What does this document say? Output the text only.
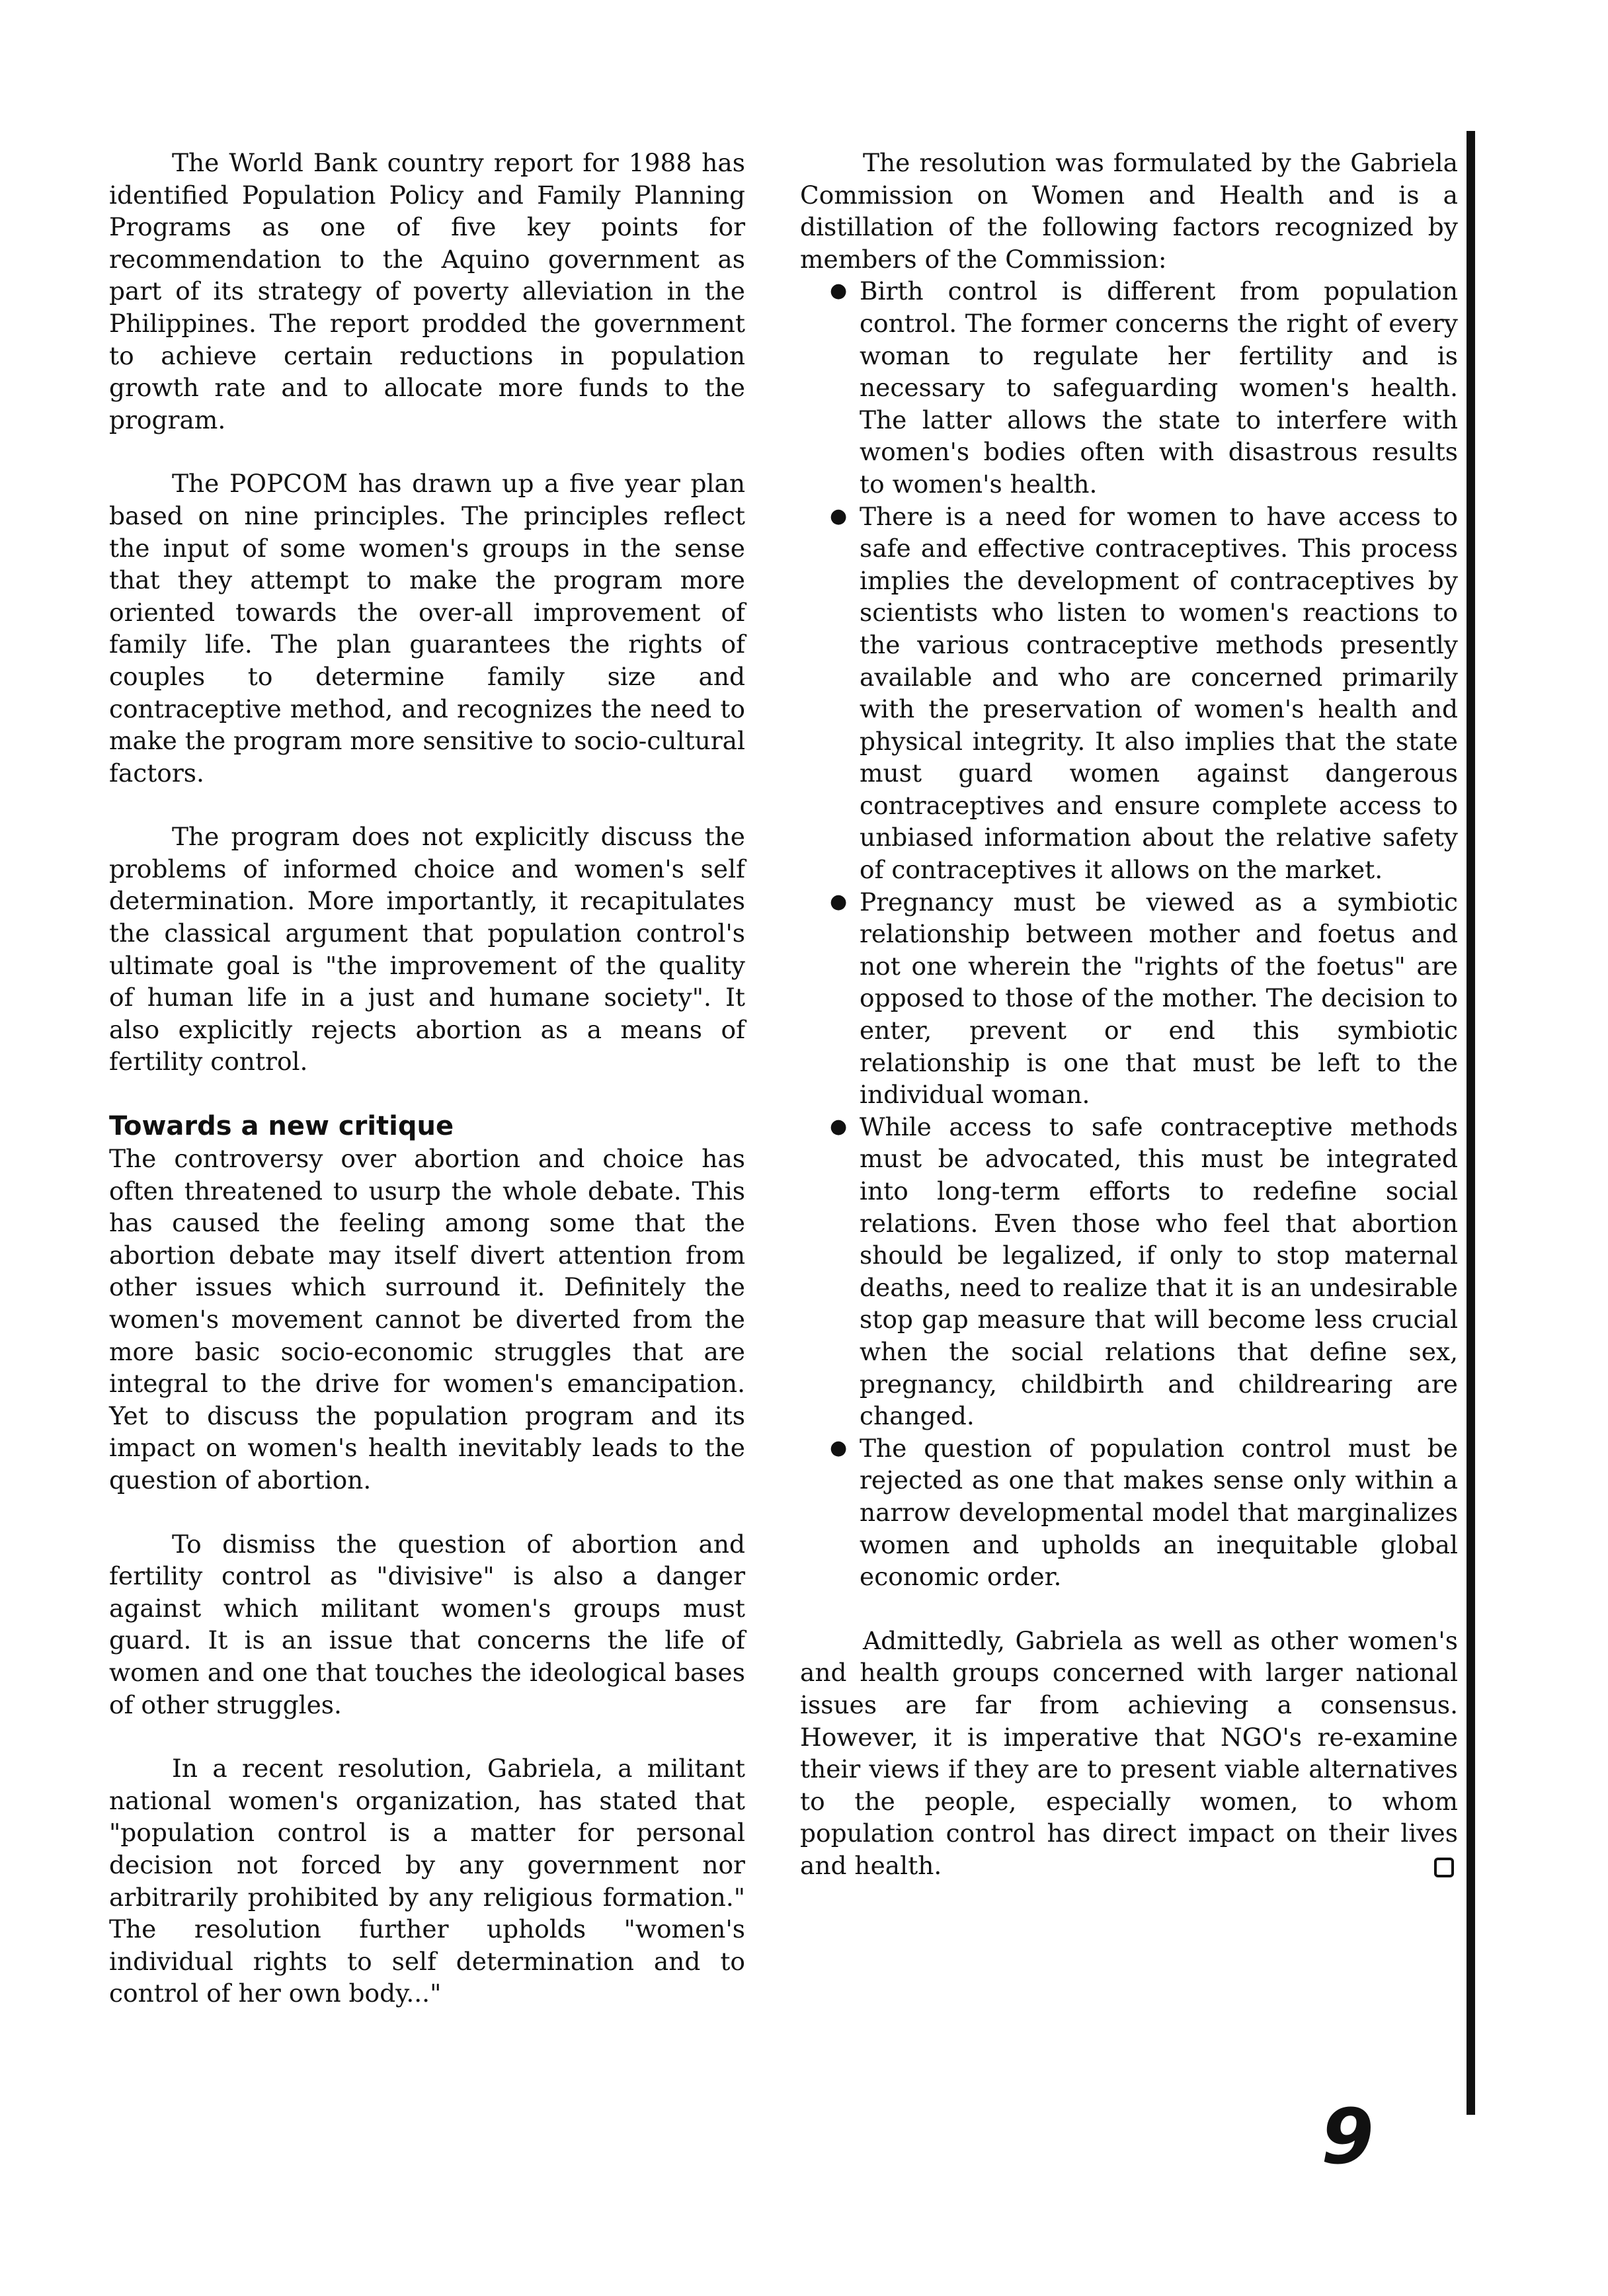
The World Bank country report for 1988 has identified Population Policy and Family Planning Programs as one of five key points for recommendation to the Aquino government as part of its strategy of poverty alleviation in the Philippines. The report prodded the government to achieve certain reductions in population growth rate and to allocate more funds to the program.

The POPCOM has drawn up a five year plan based on nine principles. The principles reflect the input of some women's groups in the sense that they attempt to make the program more oriented towards the over-all improvement of family life. The plan guarantees the rights of couples to determine family size and contraceptive method, and recognizes the need to make the program more sensitive to socio-cultural factors.

The program does not explicitly discuss the problems of informed choice and women's self determination. More importantly, it recapitulates the classical argument that population control's ultimate goal is "the improvement of the quality of human life in a just and humane society". It also explicitly rejects abortion as a means of fertility control.

Towards a new critique

The controversy over abortion and choice has often threatened to usurp the whole debate. This has caused the feeling among some that the abortion debate may itself divert attention from other issues which surround it. Definitely the women's movement cannot be diverted from the more basic socio-economic struggles that are integral to the drive for women's emancipation. Yet to discuss the population program and its impact on women's health inevitably leads to the question of abortion.

To dismiss the question of abortion and fertility control as "divisive" is also a danger against which militant women's groups must guard. It is an issue that concerns the life of women and one that touches the ideological bases of other struggles.

In a recent resolution, Gabriela, a militant national women's organization, has stated that "population control is a matter for personal decision not forced by any government nor arbitrarily prohibited by any religious formation." The resolution further upholds "women's individual rights to self determination and to control of her own body..."

The resolution was formulated by the Gabriela Commission on Women and Health and is a distillation of the following factors recognized by members of the Commission:

● Birth control is different from population control. The former concerns the right of every woman to regulate her fertility and is necessary to safeguarding women's health. The latter allows the state to interfere with women's bodies often with disastrous results to women's health.
● There is a need for women to have access to safe and effective contraceptives. This process implies the development of contraceptives by scientists who listen to women's reactions to the various contraceptive methods presently available and who are concerned primarily with the preservation of women's health and physical integrity. It also implies that the state must guard women against dangerous contraceptives and ensure complete access to unbiased information about the relative safety of contraceptives it allows on the market.
● Pregnancy must be viewed as a symbiotic relationship between mother and foetus and not one wherein the "rights of the foetus" are opposed to those of the mother. The decision to enter, prevent or end this symbiotic relationship is one that must be left to the individual woman.
● While access to safe contraceptive methods must be advocated, this must be integrated into long-term efforts to redefine social relations. Even those who feel that abortion should be legalized, if only to stop maternal deaths, need to realize that it is an undesirable stop gap measure that will become less crucial when the social relations that define sex, pregnancy, childbirth and childrearing are changed.
● The question of population control must be rejected as one that makes sense only within a narrow developmental model that marginalizes women and upholds an inequitable global economic order.

Admittedly, Gabriela as well as other women's and health groups concerned with larger national issues are far from achieving a consensus. However, it is imperative that NGO's re-examine their views if they are to present viable alternatives to the people, especially women, to whom population control has direct impact on their lives and health.

9
